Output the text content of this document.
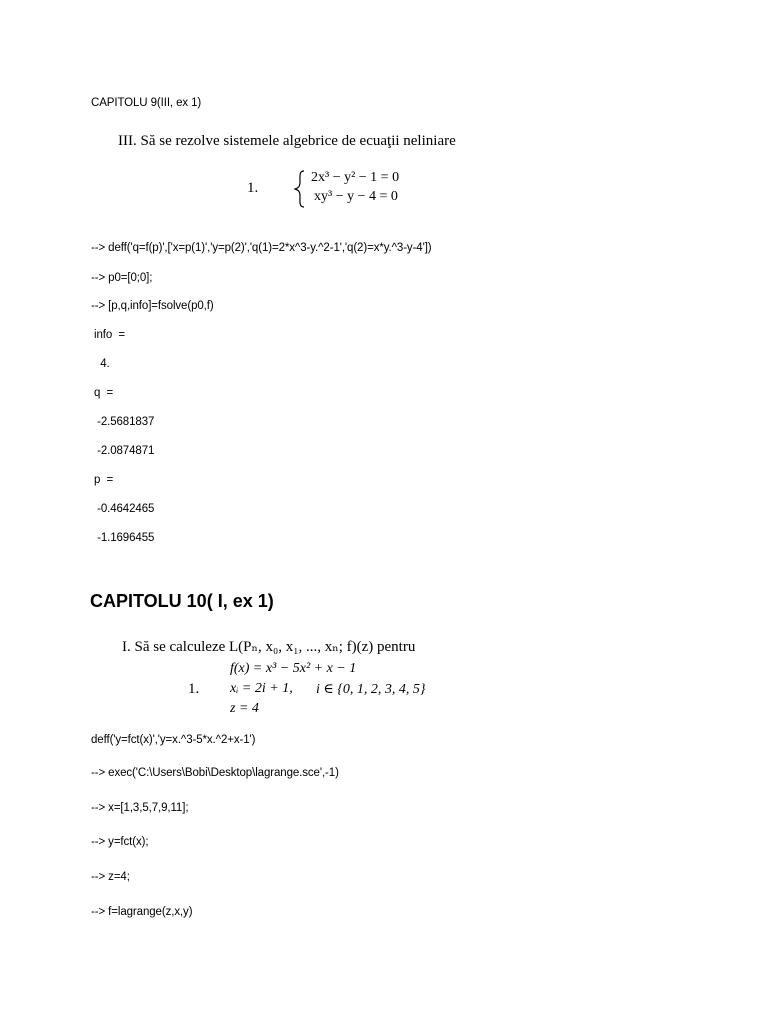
CAPITOLU 9(III, ex 1)
III. Să se rezolve sistemele algebrice de ecuaţii neliniare
1.
2x³ − y² − 1 = 0
xy³ − y − 4 = 0
--> deff('q=f(p)',['x=p(1)','y=p(2)','q(1)=2*x^3-y.^2-1','q(2)=x*y.^3-y-4'])
--> p0=[0;0];
--> [p,q,info]=fsolve(p0,f)
info  =
4.
q  =
-2.5681837
-2.0874871
p  =
-0.4642465
-1.1696455
CAPITOLU 10( I, ex 1)
I. Să se calculeze L(Pₙ, x₀, x₁, ..., xₙ; f)(z) pentru
1.
f(x) = x³ − 5x² + x − 1
xᵢ = 2i + 1, i ∈ {0, 1, 2, 3, 4, 5}
z = 4
deff('y=fct(x)','y=x.^3-5*x.^2+x-1')
--> exec('C:\Users\Bobi\Desktop\lagrange.sce',-1)
--> x=[1,3,5,7,9,11];
--> y=fct(x);
--> z=4;
--> f=lagrange(z,x,y)
